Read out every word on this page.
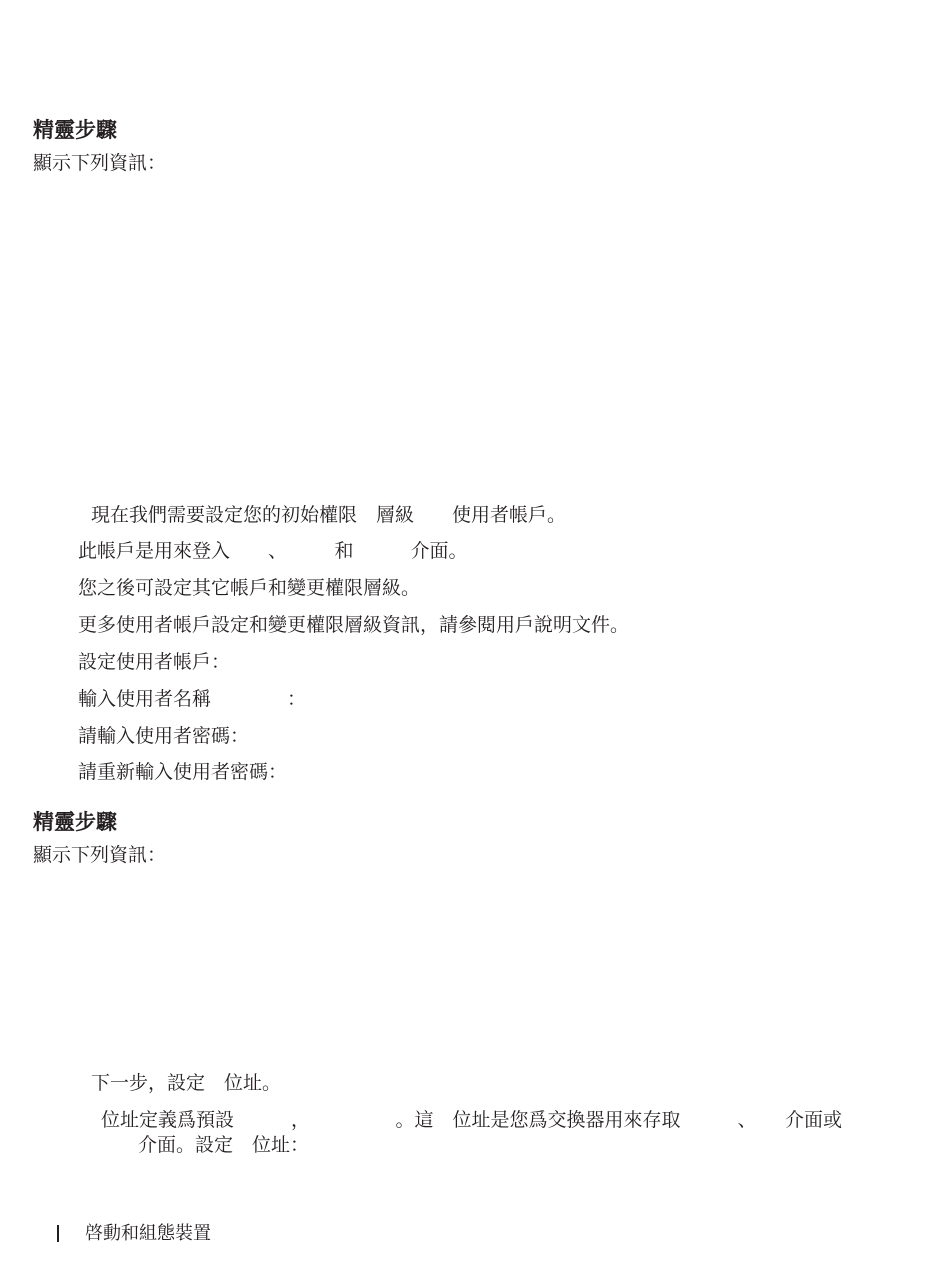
精靈步驟
顯示下列資訊：
現在我們需要設定您的初始權限　層級　　使用者帳戶。
此帳戶是用來登入　　、　　　和　　　介面。
您之後可設定其它帳戶和變更權限層級。
更多使用者帳戶設定和變更權限層級資訊，請參閱用戶說明文件。
設定使用者帳戶：
輸入使用者名稱　　　　：
請輸入使用者密碼：
請重新輸入使用者密碼：
精靈步驟
顯示下列資訊：
下一步，設定　位址。
位址定義爲預設　　　，　　　　　。這　位址是您爲交換器用來存取　　　、　　介面或
介面。設定　位址：
啓動和組態裝置
